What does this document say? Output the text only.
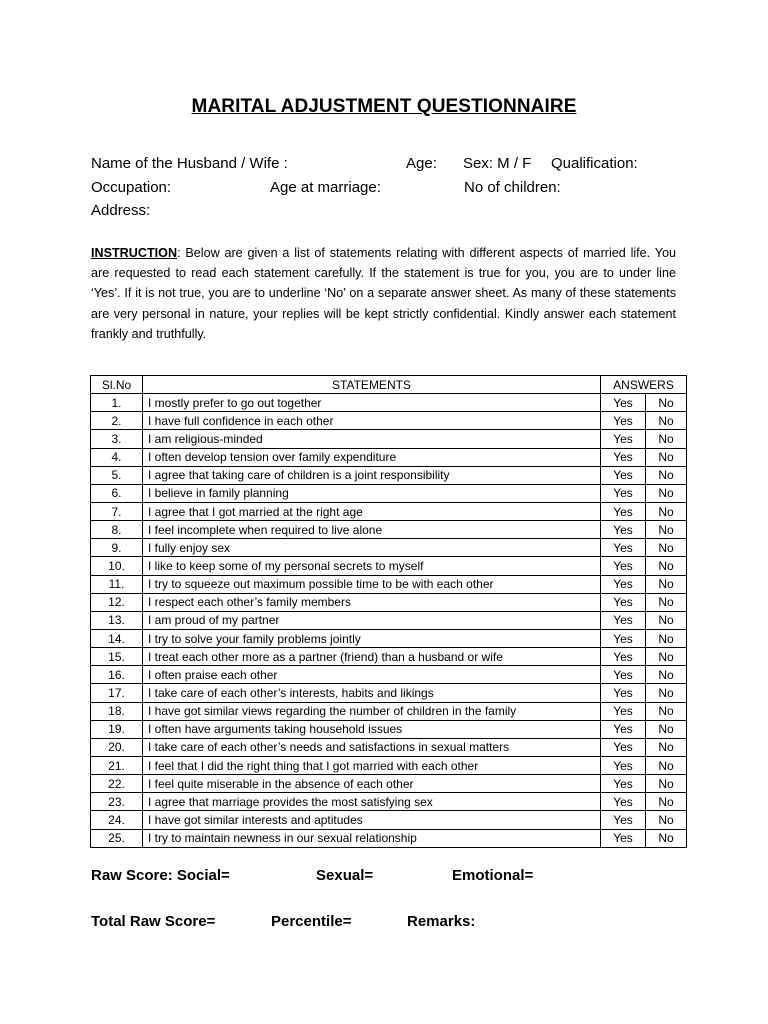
MARITAL ADJUSTMENT QUESTIONNAIRE
Name of the Husband / Wife :	Age: Sex: M / F Qualification:
Occupation:	Age at marriage:	No of children:
Address:
INSTRUCTION: Below are given a list of statements relating with different aspects of married life. You are requested to read each statement carefully. If the statement is true for you, you are to under line ‘Yes’. If it is not true, you are to underline ‘No’ on a separate answer sheet. As many of these statements are very personal in nature, your replies will be kept strictly confidential. Kindly answer each statement frankly and truthfully.
Sl.No	STATEMENTS	ANSWERS	
1.	I mostly prefer to go out together	Yes	No
2.	I have full confidence in each other	Yes	No
3.	I am religious-minded	Yes	No
4.	I often develop tension over family expenditure	Yes	No
5.	I agree that taking care of children is a joint responsibility	Yes	No
6.	I believe in family planning	Yes	No
7.	I agree that I got married at the right age	Yes	No
8.	I feel incomplete when required to live alone	Yes	No
9.	I fully enjoy sex	Yes	No
10.	I like to keep some of my personal secrets to myself	Yes	No
11.	I try to squeeze out maximum possible time to be with each other	Yes	No
12.	I respect each other’s family members	Yes	No
13.	I am proud of my partner	Yes	No
14.	I try to solve your family problems jointly	Yes	No
15.	I treat each other more as a partner (friend) than a husband or wife	Yes	No
16.	I often praise each other	Yes	No
17.	I take care of each other’s interests, habits and likings	Yes	No
18.	I have got similar views regarding the number of children in the family	Yes	No
19.	I often have arguments taking household issues	Yes	No
20.	I take care of each other’s needs and satisfactions in sexual matters	Yes	No
21.	I feel that I did the right thing that I got married with each other	Yes	No
22.	I feel quite miserable in the absence of each other	Yes	No
23.	I agree that marriage provides the most satisfying sex	Yes	No
24.	I have got similar interests and aptitudes	Yes	No
25.	I try to maintain newness in our sexual relationship	Yes	No
Raw Score: Social=	Sexual=	Emotional=
Total Raw Score=	Percentile=	Remarks:
